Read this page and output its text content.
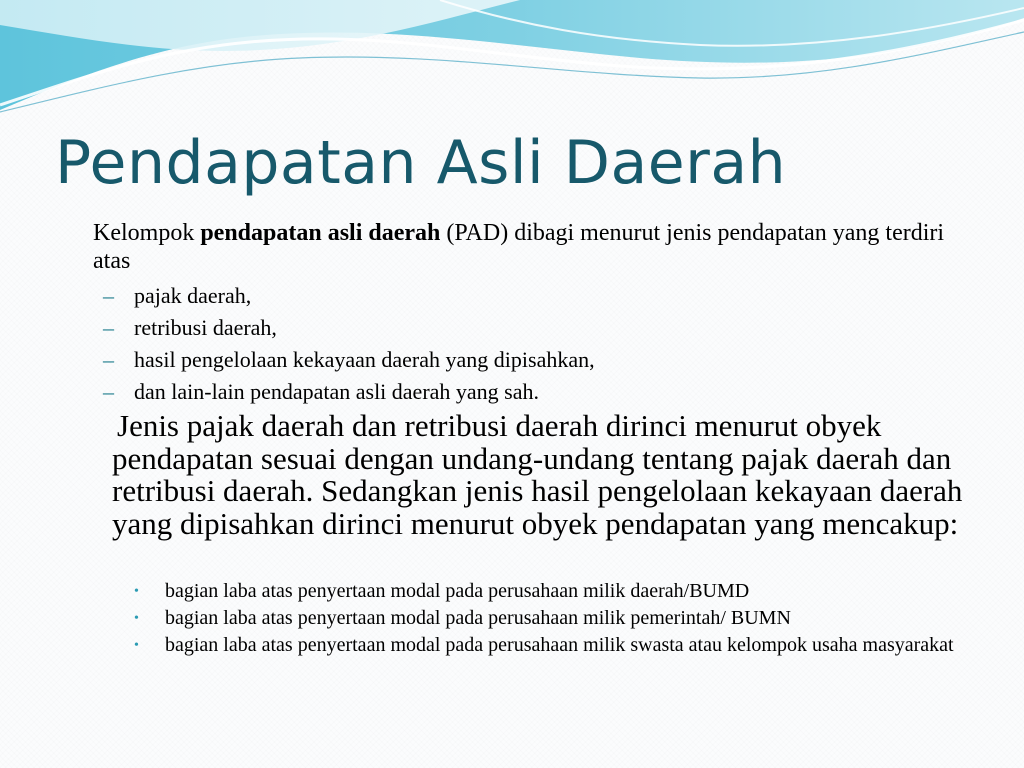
Pendapatan Asli Daerah

Kelompok pendapatan asli daerah (PAD) dibagi menurut jenis pendapatan yang terdiri atas

– pajak daerah,
– retribusi daerah,
– hasil pengelolaan kekayaan daerah yang dipisahkan,
– dan lain-lain pendapatan asli daerah yang sah.

Jenis pajak daerah dan retribusi daerah dirinci menurut obyek pendapatan sesuai dengan undang-undang tentang pajak daerah dan retribusi daerah. Sedangkan jenis hasil pengelolaan kekayaan daerah yang dipisahkan dirinci menurut obyek pendapatan yang mencakup:

•	bagian laba atas penyertaan modal pada perusahaan milik daerah/BUMD
•	bagian laba atas penyertaan modal pada perusahaan milik pemerintah/ BUMN
•	bagian laba atas penyertaan modal pada perusahaan milik swasta atau kelompok usaha masyarakat
